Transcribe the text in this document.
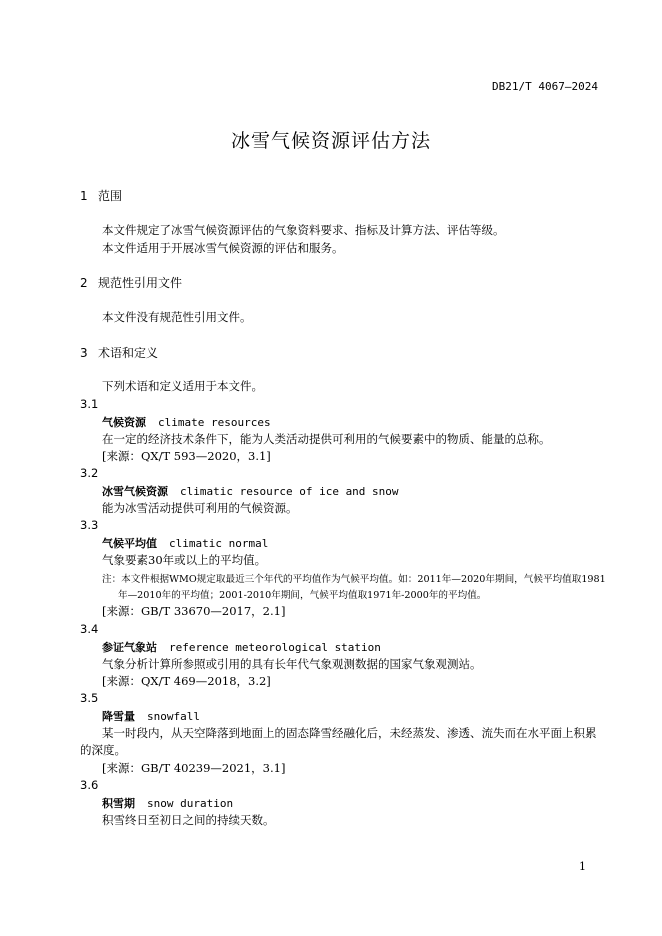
DB21/T 4067—2024
冰雪气候资源评估方法
1 范围
本文件规定了冰雪气候资源评估的气象资料要求、指标及计算方法、评估等级。
本文件适用于开展冰雪气候资源的评估和服务。
2 规范性引用文件
本文件没有规范性引用文件。
3 术语和定义
下列术语和定义适用于本文件。
3.1
气候资源 climate resources
在一定的经济技术条件下，能为人类活动提供可利用的气候要素中的物质、能量的总称。
[来源：QX/T 593—2020，3.1]
3.2
冰雪气候资源 climatic resource of ice and snow
能为冰雪活动提供可利用的气候资源。
3.3
气候平均值 climatic normal
气象要素30年或以上的平均值。
注：本文件根据WMO规定取最近三个年代的平均值作为气候平均值。如：2011年—2020年期间，气候平均值取1981
年—2010年的平均值；2001-2010年期间，气候平均值取1971年-2000年的平均值。
[来源：GB/T 33670—2017，2.1]
3.4
参证气象站 reference meteorological station
气象分析计算所参照或引用的具有长年代气象观测数据的国家气象观测站。
[来源：QX/T 469—2018，3.2]
3.5
降雪量 snowfall
某一时段内，从天空降落到地面上的固态降雪经融化后，未经蒸发、渗透、流失而在水平面上积累
的深度。
[来源：GB/T 40239—2021，3.1]
3.6
积雪期 snow duration
积雪终日至初日之间的持续天数。
1
